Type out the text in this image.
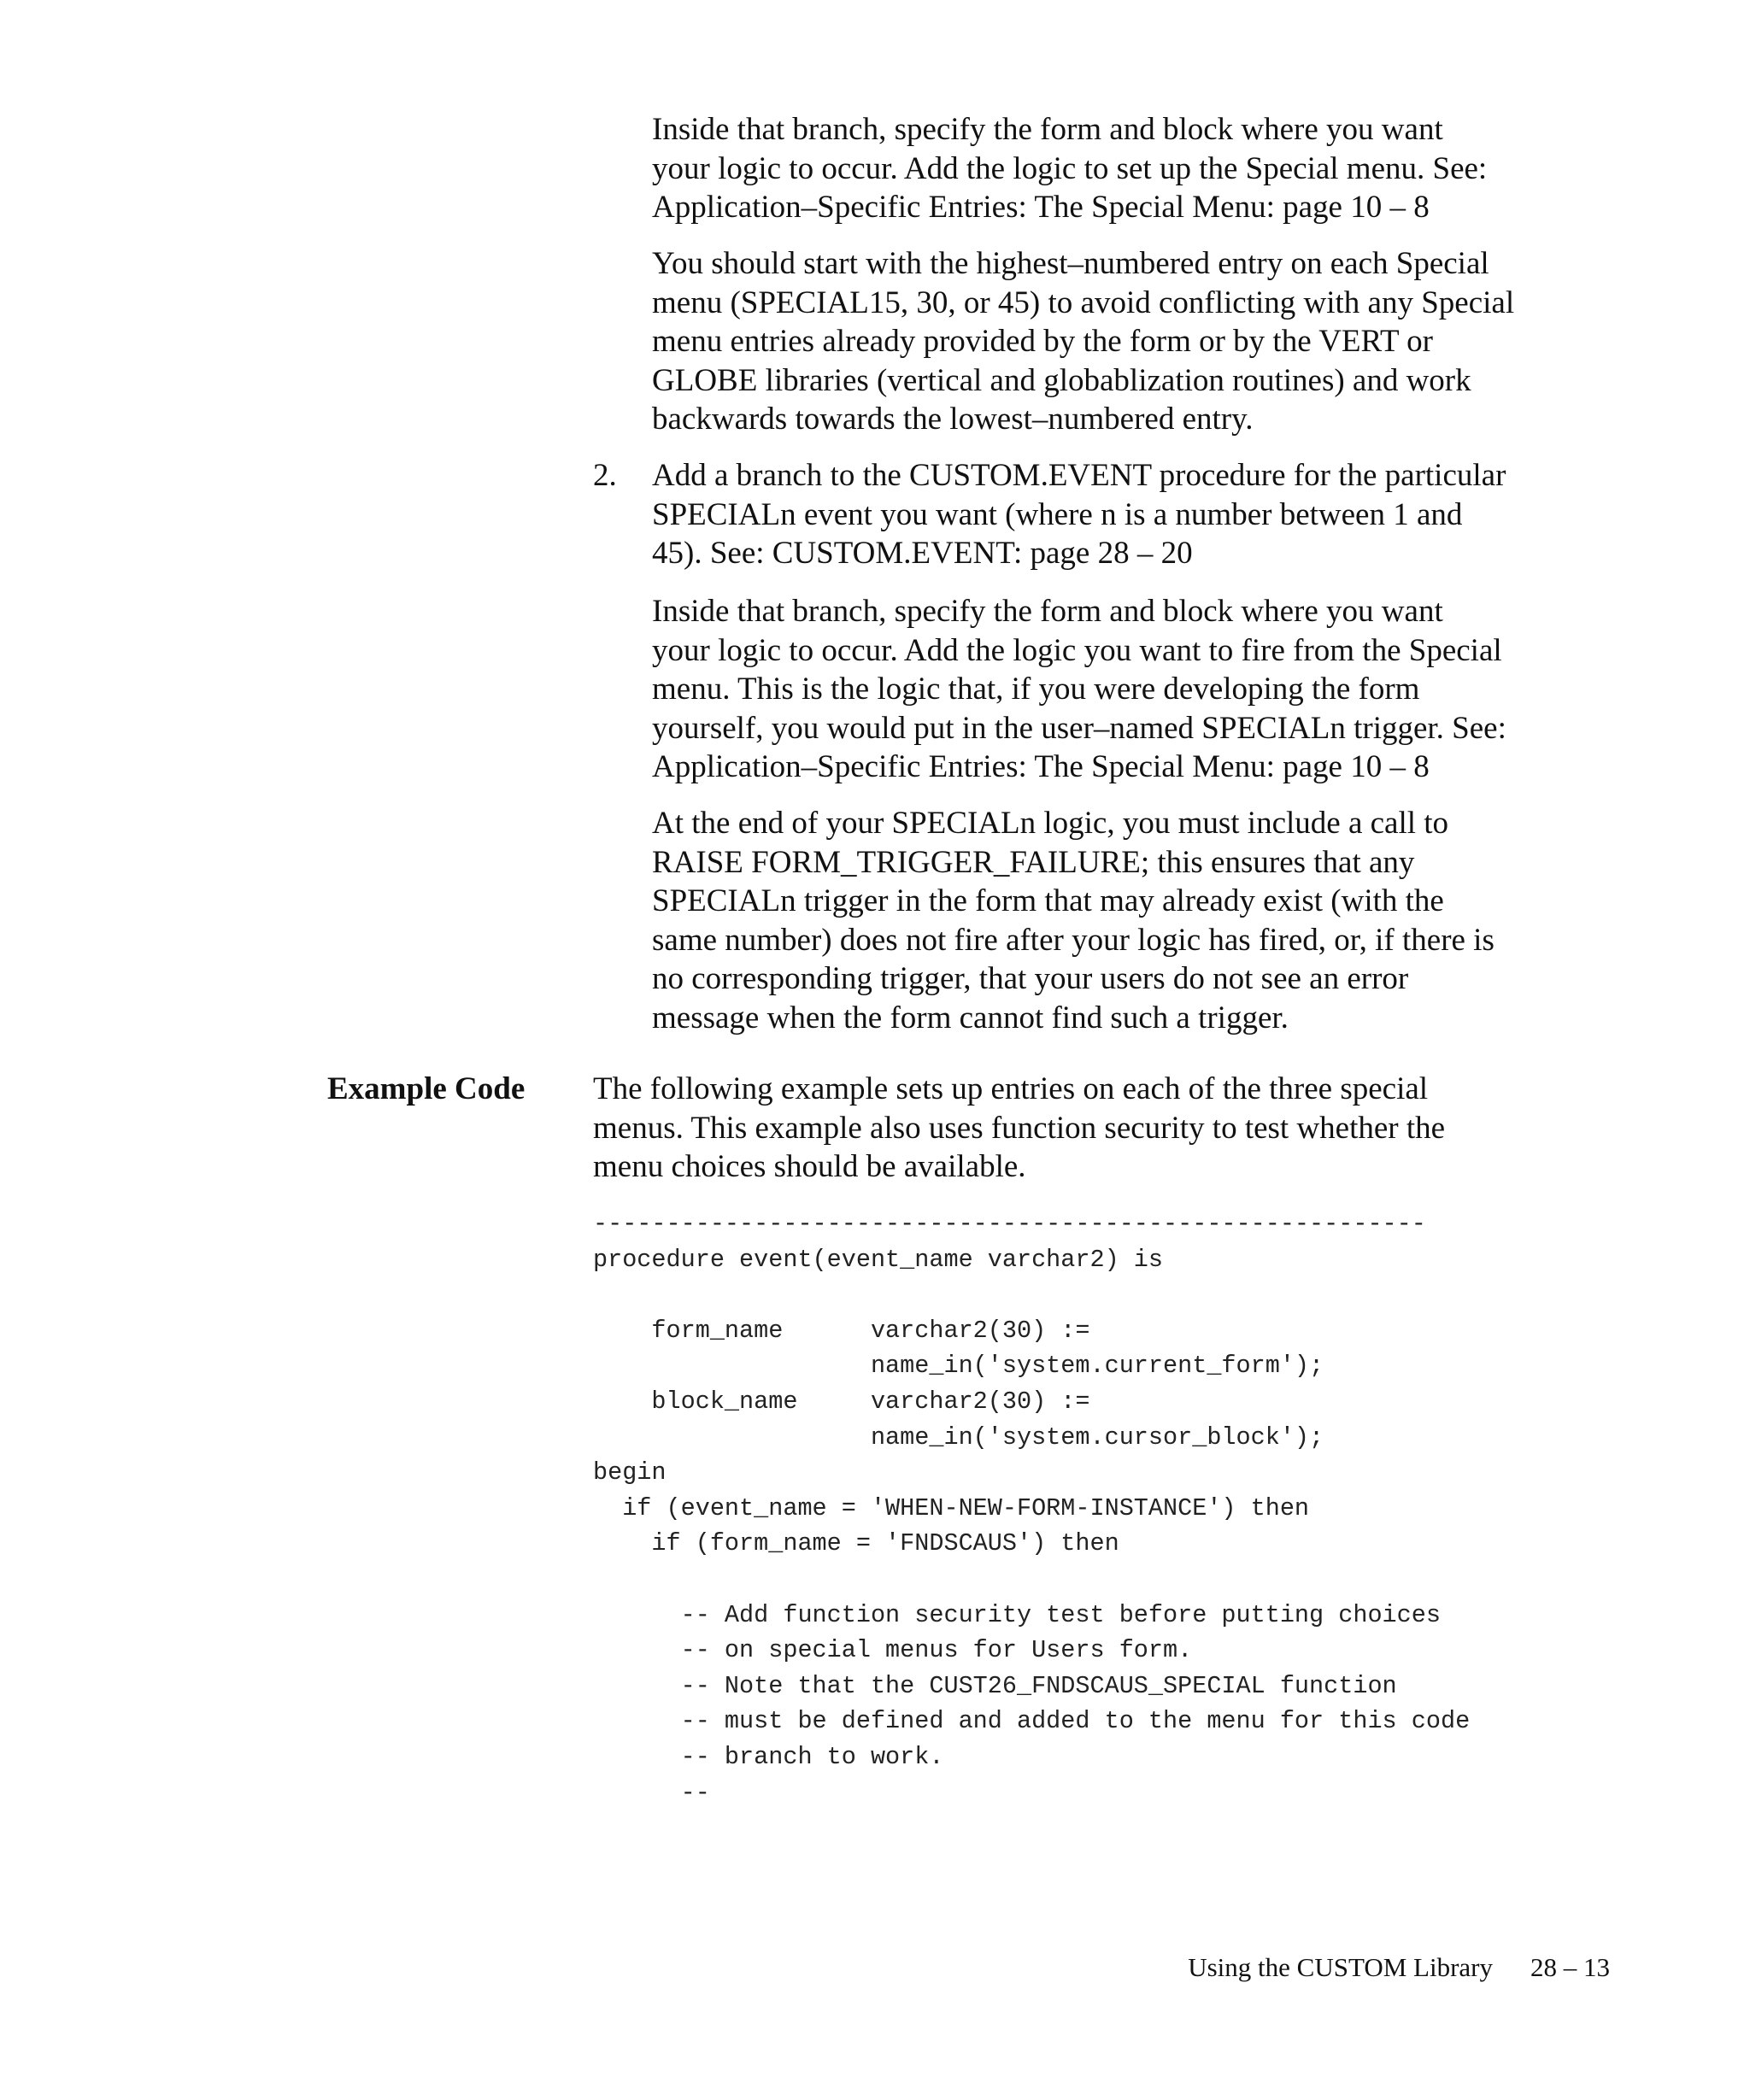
Inside that branch, specify the form and block where you want
your logic to occur. Add the logic to set up the Special menu. See:
Application–Specific Entries: The Special Menu: page 10 – 8
You should start with the highest–numbered entry on each Special
menu (SPECIAL15, 30, or 45) to avoid conflicting with any Special
menu entries already provided by the form or by the VERT or
GLOBE libraries (vertical and globablization routines) and work
backwards towards the lowest–numbered entry.
2. Add a branch to the CUSTOM.EVENT procedure for the particular
SPECIALn event you want (where n is a number between 1 and
45). See: CUSTOM.EVENT: page 28 – 20
Inside that branch, specify the form and block where you want
your logic to occur. Add the logic you want to fire from the Special
menu. This is the logic that, if you were developing the form
yourself, you would put in the user–named SPECIALn trigger. See:
Application–Specific Entries: The Special Menu: page 10 – 8
At the end of your SPECIALn logic, you must include a call to
RAISE FORM_TRIGGER_FAILURE; this ensures that any
SPECIALn trigger in the form that may already exist (with the
same number) does not fire after your logic has fired, or, if there is
no corresponding trigger, that your users do not see an error
message when the form cannot find such a trigger.
Example Code The following example sets up entries on each of the three special
menus. This example also uses function security to test whether the
menu choices should be available.
---------------------------------------------------------
procedure event(event_name varchar2) is
form_name      varchar2(30) :=
name_in('system.current_form');
block_name     varchar2(30) :=
name_in('system.cursor_block');
begin
if (event_name = 'WHEN-NEW-FORM-INSTANCE') then
if (form_name = 'FNDSCAUS') then
-- Add function security test before putting choices
-- on special menus for Users form.
-- Note that the CUST26_FNDSCAUS_SPECIAL function
-- must be defined and added to the menu for this code
-- branch to work.
--
Using the CUSTOM Library 28 – 13
